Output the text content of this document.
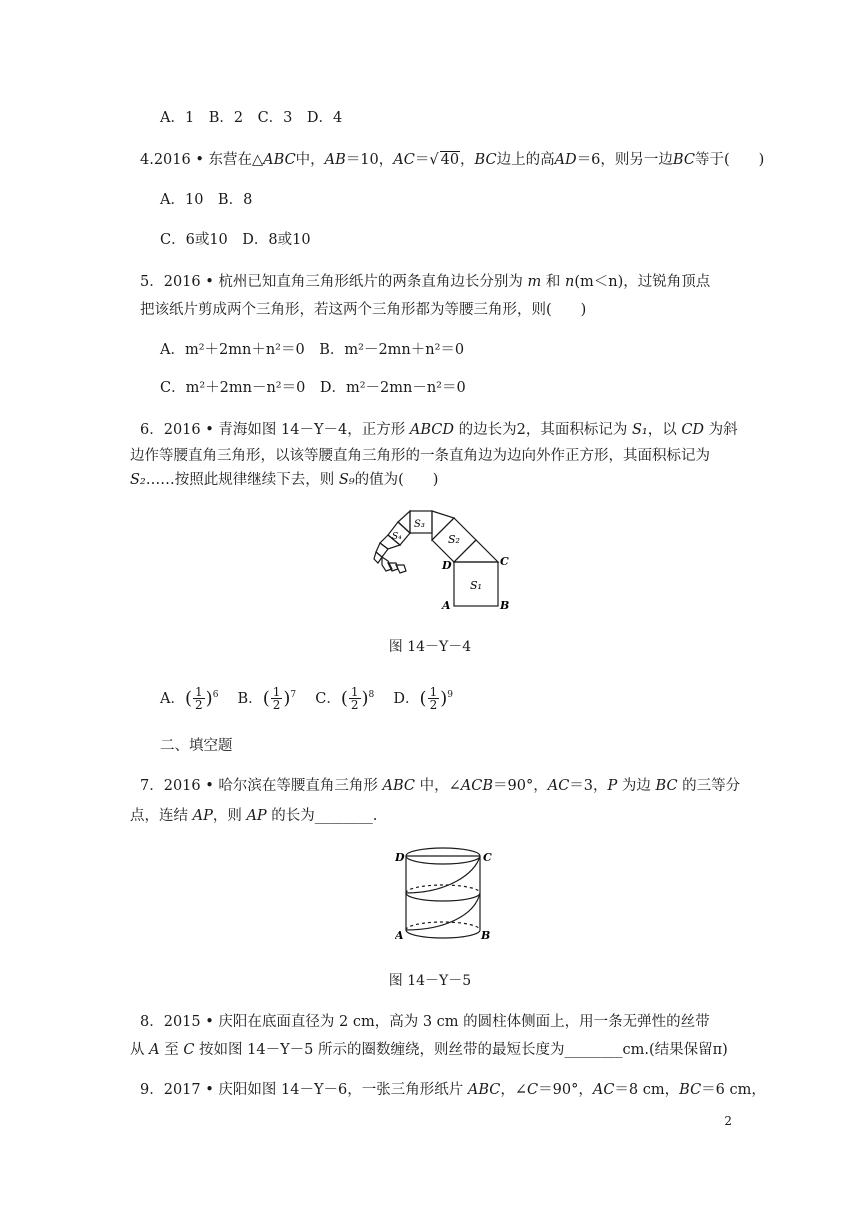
A．1　B．2　C．3　D．4
4.2016 • 东营在△ABC中，AB＝10，AC＝√ 40，BC边上的高AD＝6，则另一边BC等于(　　)
A．10　B．8
C．6或10　D．8或10
5．2016 • 杭州已知直角三角形纸片的两条直角边长分别为 m 和 n(m＜n)，过锐角顶点
把该纸片剪成两个三角形，若这两个三角形都为等腰三角形，则(　　)
A．m²＋2mn＋n²＝0　B．m²－2mn＋n²＝0
C．m²＋2mn－n²＝0　D．m²－2mn－n²＝0
6．2016 • 青海如图 14－Y－4，正方形 ABCD 的边长为2，其面积标记为 S₁，以 CD 为斜
边作等腰直角三角形，以该等腰直角三角形的一条直角边为边向外作正方形，其面积标记为
S₂……按照此规律继续下去，则 S₉的值为(　　)
S₁
S₂
S₃
S₄
C
D
A	B
图 14－Y－4
A．( $\frac{1}{2} )^6$　 B．( $\frac{1}{2} )^7$　 C．( $\frac{1}{2} )^8$　 D．( $\frac{1}{2} )^9$
二、填空题
7．2016 • 哈尔滨在等腰直角三角形 ABC 中，∠ACB＝90°，AC＝3，P 为边 BC 的三等分
点，连结 AP，则 AP 的长为________.
D	C
A	B
图 14－Y－5
8．2015 • 庆阳在底面直径为 2 cm，高为 3 cm 的圆柱体侧面上，用一条无弹性的丝带
从 A 至 C 按如图 14－Y－5 所示的圈数缠绕，则丝带的最短长度为________cm.(结果保留π)
9．2017 • 庆阳如图 14－Y－6，一张三角形纸片 ABC，∠C＝90°，AC＝8 cm，BC＝6 cm，
2
